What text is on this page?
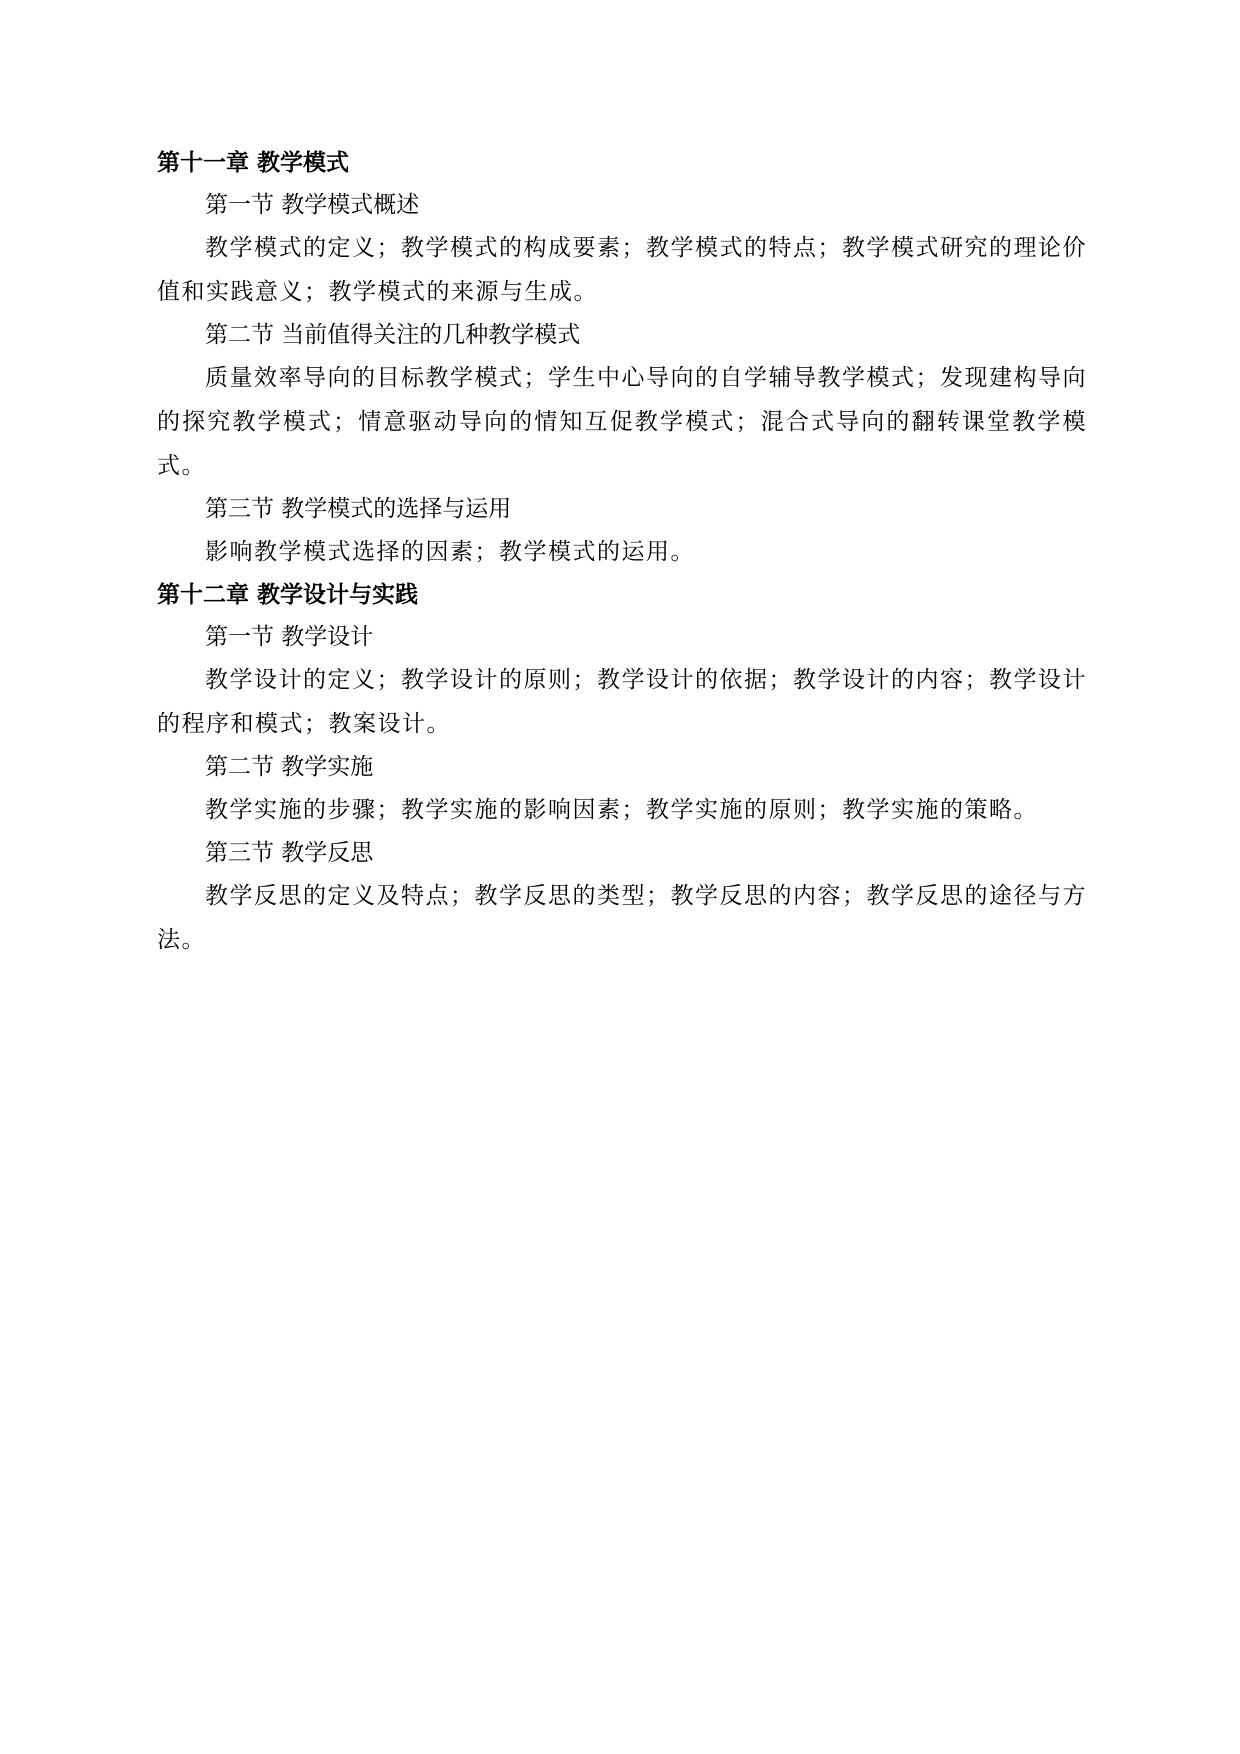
第十一章 教学模式

第一节 教学模式概述

教学模式的定义；教学模式的构成要素；教学模式的特点；教学模式研究的理论价值和实践意义；教学模式的来源与生成。

第二节 当前值得关注的几种教学模式

质量效率导向的目标教学模式；学生中心导向的自学辅导教学模式；发现建构导向的探究教学模式；情意驱动导向的情知互促教学模式；混合式导向的翻转课堂教学模式。

第三节 教学模式的选择与运用

影响教学模式选择的因素；教学模式的运用。

第十二章 教学设计与实践

第一节 教学设计

教学设计的定义；教学设计的原则；教学设计的依据；教学设计的内容；教学设计的程序和模式；教案设计。

第二节 教学实施

教学实施的步骤；教学实施的影响因素；教学实施的原则；教学实施的策略。

第三节 教学反思

教学反思的定义及特点；教学反思的类型；教学反思的内容；教学反思的途径与方法。
